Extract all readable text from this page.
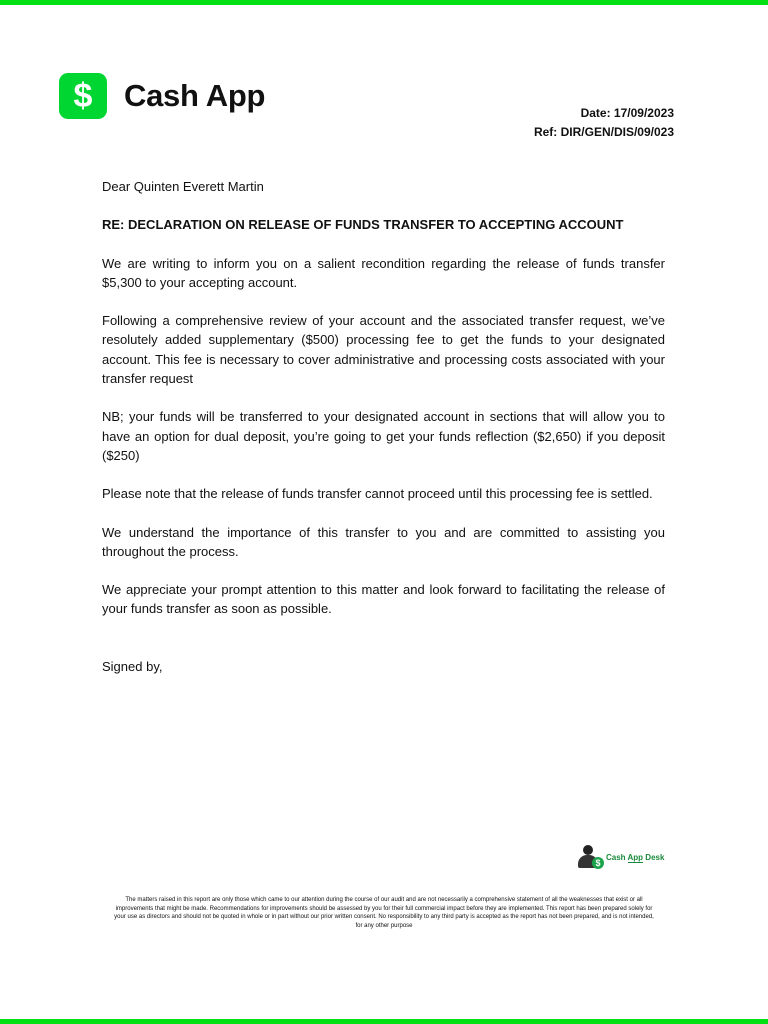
$	Cash App	Date: 17/09/2023
Ref: DIR/GEN/DIS/09/023

Dear Quinten Everett Martin

RE: DECLARATION ON RELEASE OF FUNDS TRANSFER TO ACCEPTING ACCOUNT

We are writing to inform you on a salient recondition regarding the release of funds transfer $5,300 to your accepting account.

Following a comprehensive review of your account and the associated transfer request, we’ve resolutely added supplementary ($500) processing fee to get the funds to your designated account. This fee is necessary to cover administrative and processing costs associated with your transfer request

NB; your funds will be transferred to your designated account in sections that will allow you to have an option for dual deposit, you’re going to get your funds reflection ($2,650) if you deposit ($250)

Please note that the release of funds transfer cannot proceed until this processing fee is settled.

We understand the importance of this transfer to you and are committed to assisting you throughout the process.

We appreciate your prompt attention to this matter and look forward to facilitating the release of your funds transfer as soon as possible.

Signed by,

$
Cash App Desk
The matters raised in this report are only those which came to our attention during the course of our audit and are not necessarily a comprehensive statement of all the weaknesses that exist or all improvements that might be made. Recommendations for improvements should be assessed by you for their full commercial impact before they are implemented. This report has been prepared solely for your use as directors and should not be quoted in whole or in part without our prior written consent. No responsibility to any third party is accepted as the report has not been prepared, and is not intended, for any other purpose
